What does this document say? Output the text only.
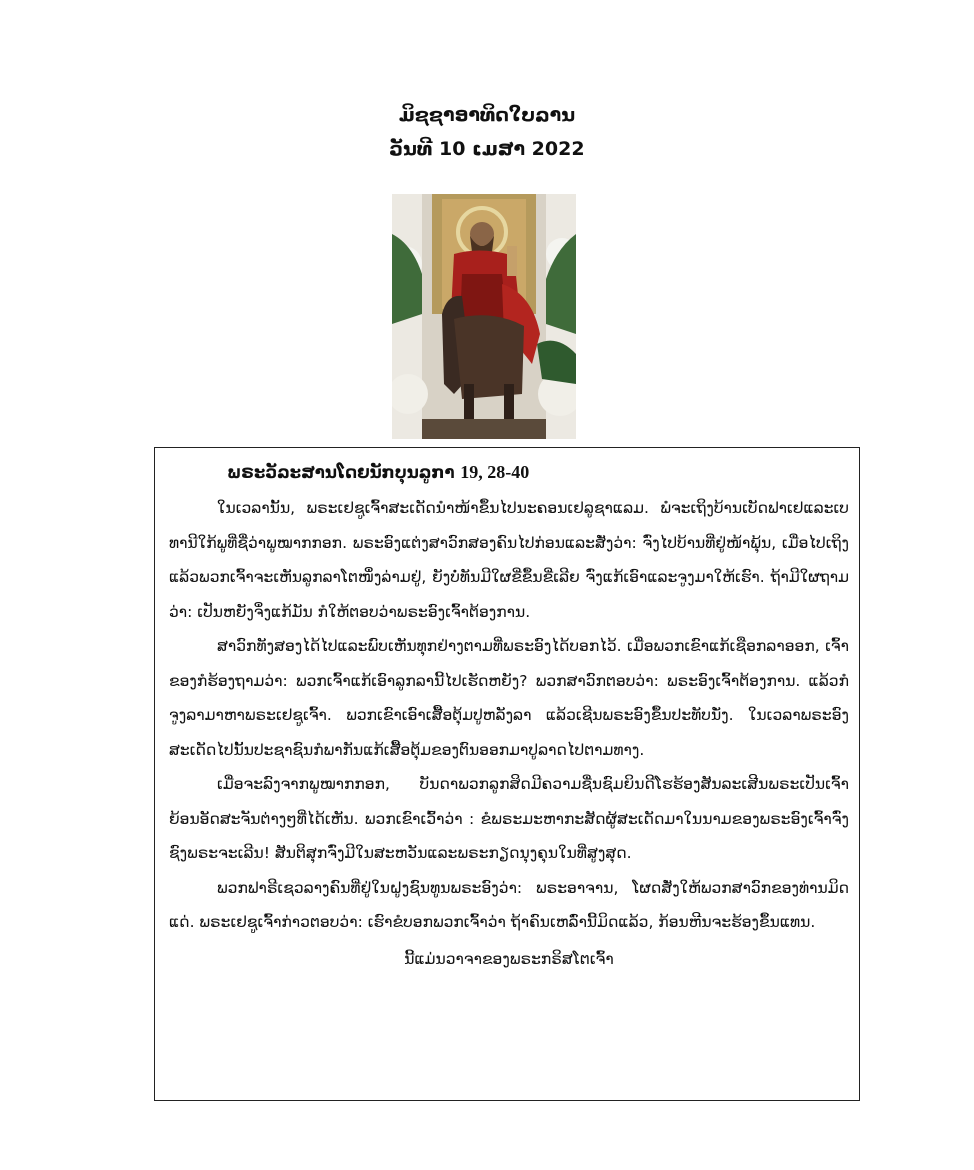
ມິຊຊາອາທິດໃບລານ
ວັນທີ 10 ເມສາ 2022
ພຣະວັລະສານໂດຍນັກບຸນລູກາ 19, 28-40

ໃນເວລານັ້ນ, ພຣະເຢຊູເຈົ້າສະເດັດນຳໜ້າຂຶ້ນໄປນະຄອນເຢລູຊາແລມ. ພໍຈະເຖິງບ້ານເບັດຟາເຢແລະເບທານີໃກ້ພູທີ່ຊື່ວ່າພູໝາກກອກ. ພຣະອົງແຕ່ງສາວົກສອງຄົນໄປກ່ອນແລະສັ່ງວ່າ: ຈົ່ງໄປບ້ານທີ່ຢູ່ໜ້າພຸ້ນ, ເມື່ອໄປເຖິງແລ້ວພວກເຈົ້າຈະເຫັນລູກລາໂຕໜຶ່ງລ່າມຢູ່, ຍັງບໍ່ທັນມີໃຜຂີ່ຂຶ້ນຂີ່ເລີຍ ຈົ່ງແກ້ເອົາແລະຈູງມາໃຫ້ເຮົາ. ຖ້າມີໃຜຖາມວ່າ: ເປັນຫຍັງຈຶ່ງແກ້ມັນ ກໍໃຫ້ຕອບວ່າພຣະອົງເຈົ້າຕ້ອງການ.

ສາວົກທັງສອງໄດ້ໄປແລະພົບເຫັນທຸກຢ່າງຕາມທີ່ພຣະອົງໄດ້ບອກໄວ້. ເມື່ອພວກເຂົາແກ້ເຊືອກລາອອກ, ເຈົ້າຂອງກໍຮ້ອງຖາມວ່າ: ພວກເຈົ້າແກ້ເອົາລູກລານີ້ໄປເຮັດຫຍັງ? ພວກສາວົກຕອບວ່າ: ພຣະອົງເຈົ້າຕ້ອງການ. ແລ້ວກໍຈູງລາມາຫາພຣະເຢຊູເຈົ້າ. ພວກເຂົາເອົາເສື້ອຕຸ້ມປູຫລັງລາ ແລ້ວເຊີນພຣະອົງຂຶ້ນປະທັບນັ່ງ. ໃນເວລາພຣະອົງສະເດັດໄປນັ້ນປະຊາຊົນກໍພາກັນແກ້ເສື້ອຕຸ້ມຂອງຕົນອອກມາປູລາດໄປຕາມທາງ.

ເມື່ອຈະລົງຈາກພູໝາກກອກ, ບັນດາພວກລູກສິດມີຄວາມຊື່ນຊົມຍິນດີໂຮຮ້ອງສັນລະເສີນພຣະເປັນເຈົ້າ ຍ້ອນອັດສະຈັນຕ່າງໆທີ່ໄດ້ເຫັນ. ພວກເຂົາເວົ້າວ່າ : ຂໍພຣະມະຫາກະສັດຜູ້ສະເດັດມາໃນນາມຂອງພຣະອົງເຈົ້າຈົ່ງຊົງພຣະຈະເລີນ! ສັນຕິສຸກຈົ່ງມີໃນສະຫວັນແລະພຣະກຽດນຸງຄຸນໃນທີ່ສູງສຸດ.

ພວກຟາຣີເຊວລາງຄົນທີ່ຢູ່ໃນຝູງຊົນທູນພຣະອົງວ່າ: ພຣະອາຈານ, ໂຜດສັ່ງໃຫ້ພວກສາວົກຂອງທ່ານມິດແດ່. ພຣະເຢຊູເຈົ້າກ່າວຕອບວ່າ: ເຮົາຂໍບອກພວກເຈົ້າວ່າ ຖ້າຄົນເຫລົ່ານີ້ມິດແລ້ວ, ກ້ອນຫີນຈະຮ້ອງຂຶ້ນແທນ.

ນີ້ແມ່ນວາຈາຂອງພຣະກຣິສໂຕເຈົ້າ
